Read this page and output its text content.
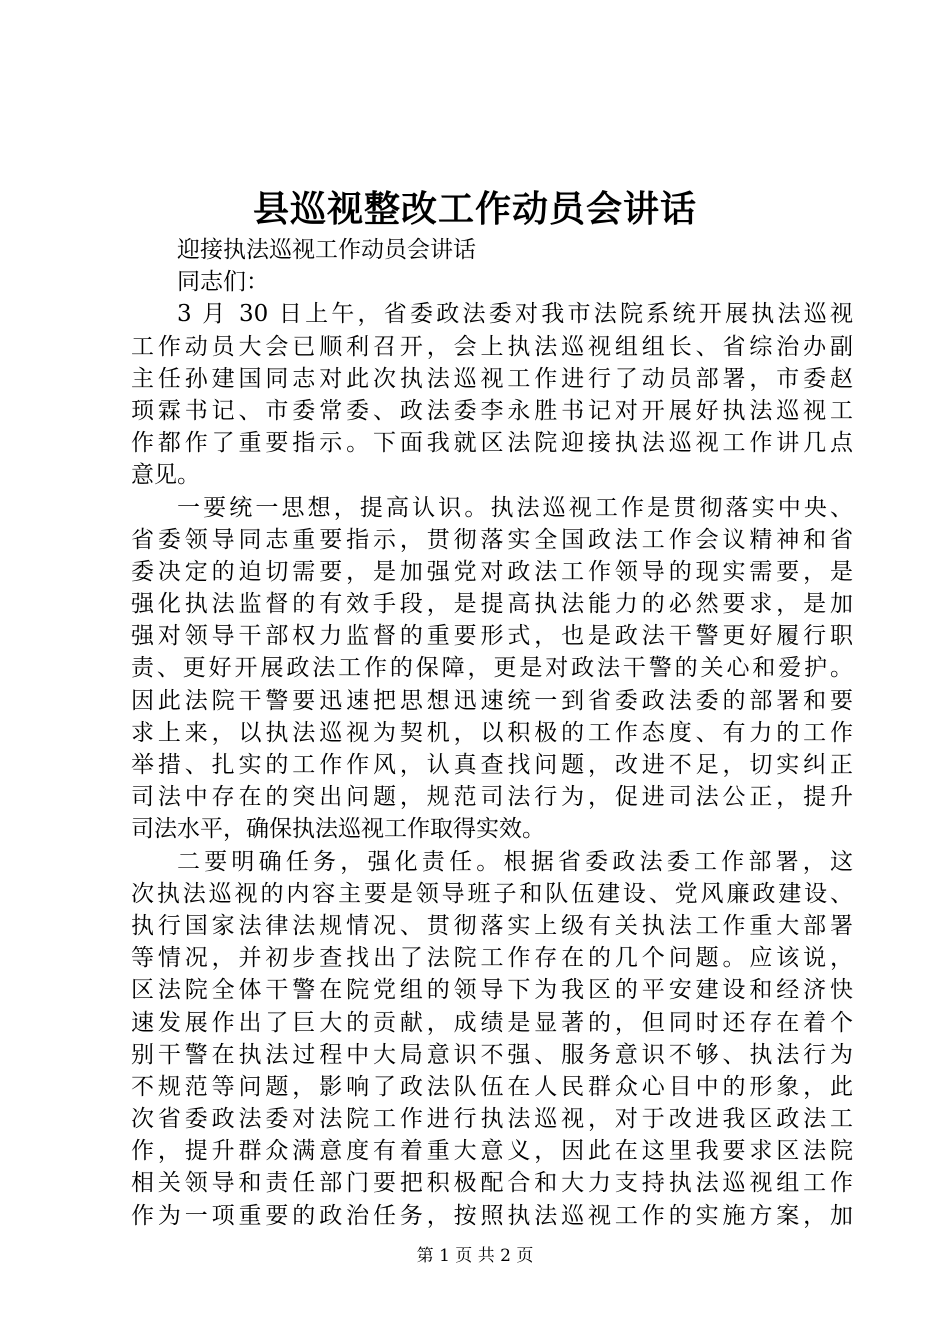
县巡视整改工作动员会讲话
迎接执法巡视工作动员会讲话
同志们：
3 月 30 日上午，省委政法委对我市法院系统开展执法巡视
工作动员大会已顺利召开，会上执法巡视组组长、省综治办副
主任孙建国同志对此次执法巡视工作进行了动员部署，市委赵
顼霖书记、市委常委、政法委李永胜书记对开展好执法巡视工
作都作了重要指示。下面我就区法院迎接执法巡视工作讲几点
意见。
一要统一思想，提高认识。执法巡视工作是贯彻落实中央、
省委领导同志重要指示，贯彻落实全国政法工作会议精神和省
委决定的迫切需要，是加强党对政法工作领导的现实需要，是
强化执法监督的有效手段，是提高执法能力的必然要求，是加
强对领导干部权力监督的重要形式，也是政法干警更好履行职
责、更好开展政法工作的保障，更是对政法干警的关心和爱护。
因此法院干警要迅速把思想迅速统一到省委政法委的部署和要
求上来，以执法巡视为契机，以积极的工作态度、有力的工作
举措、扎实的工作作风，认真查找问题，改进不足，切实纠正
司法中存在的突出问题，规范司法行为，促进司法公正，提升
司法水平，确保执法巡视工作取得实效。
二要明确任务，强化责任。根据省委政法委工作部署，这
次执法巡视的内容主要是领导班子和队伍建设、党风廉政建设、
执行国家法律法规情况、贯彻落实上级有关执法工作重大部署
等情况，并初步查找出了法院工作存在的几个问题。应该说，
区法院全体干警在院党组的领导下为我区的平安建设和经济快
速发展作出了巨大的贡献，成绩是显著的，但同时还存在着个
别干警在执法过程中大局意识不强、服务意识不够、执法行为
不规范等问题，影响了政法队伍在人民群众心目中的形象，此
次省委政法委对法院工作进行执法巡视，对于改进我区政法工
作，提升群众满意度有着重大意义，因此在这里我要求区法院
相关领导和责任部门要把积极配合和大力支持执法巡视组工作
作为一项重要的政治任务，按照执法巡视工作的实施方案，加
第 1 页 共 2 页
